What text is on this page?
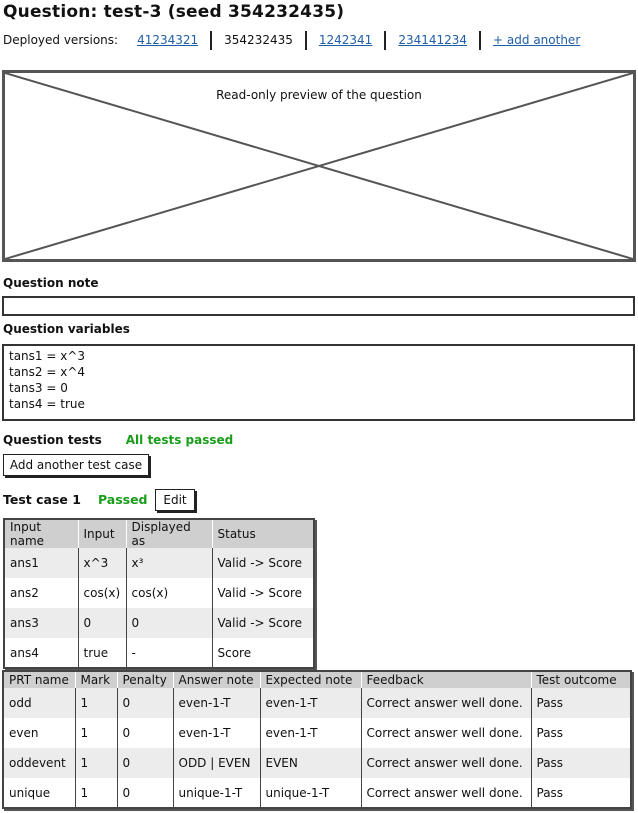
Question: test-3 (seed 354232435)
Deployed versions:	41234321	354232435	1242341	234141234	+ add another
Read-only preview of the question
Question note
Question variables
tans1 = x^3
tans2 = x^4
tans3 = 0
tans4 = true
Question tests All tests passed
Add another test case
Test case 1 Passed	Edit
Input name	Input	Displayed as	Status
ans1	x^3	x³	Valid -> Score
ans2	cos(x)	cos(x)	Valid -> Score
ans3	0	0	Valid -> Score
ans4	true	-	Score
PRT name	Mark	Penalty	Answer note	Expected note	Feedback	Test outcome
odd	1	0	even-1-T	even-1-T	Correct answer well done.	Pass
even	1	0	even-1-T	even-1-T	Correct answer well done.	Pass
oddevent	1	0	ODD | EVEN	EVEN	Correct answer well done.	Pass
unique	1	0	unique-1-T	unique-1-T	Correct answer well done.	Pass
